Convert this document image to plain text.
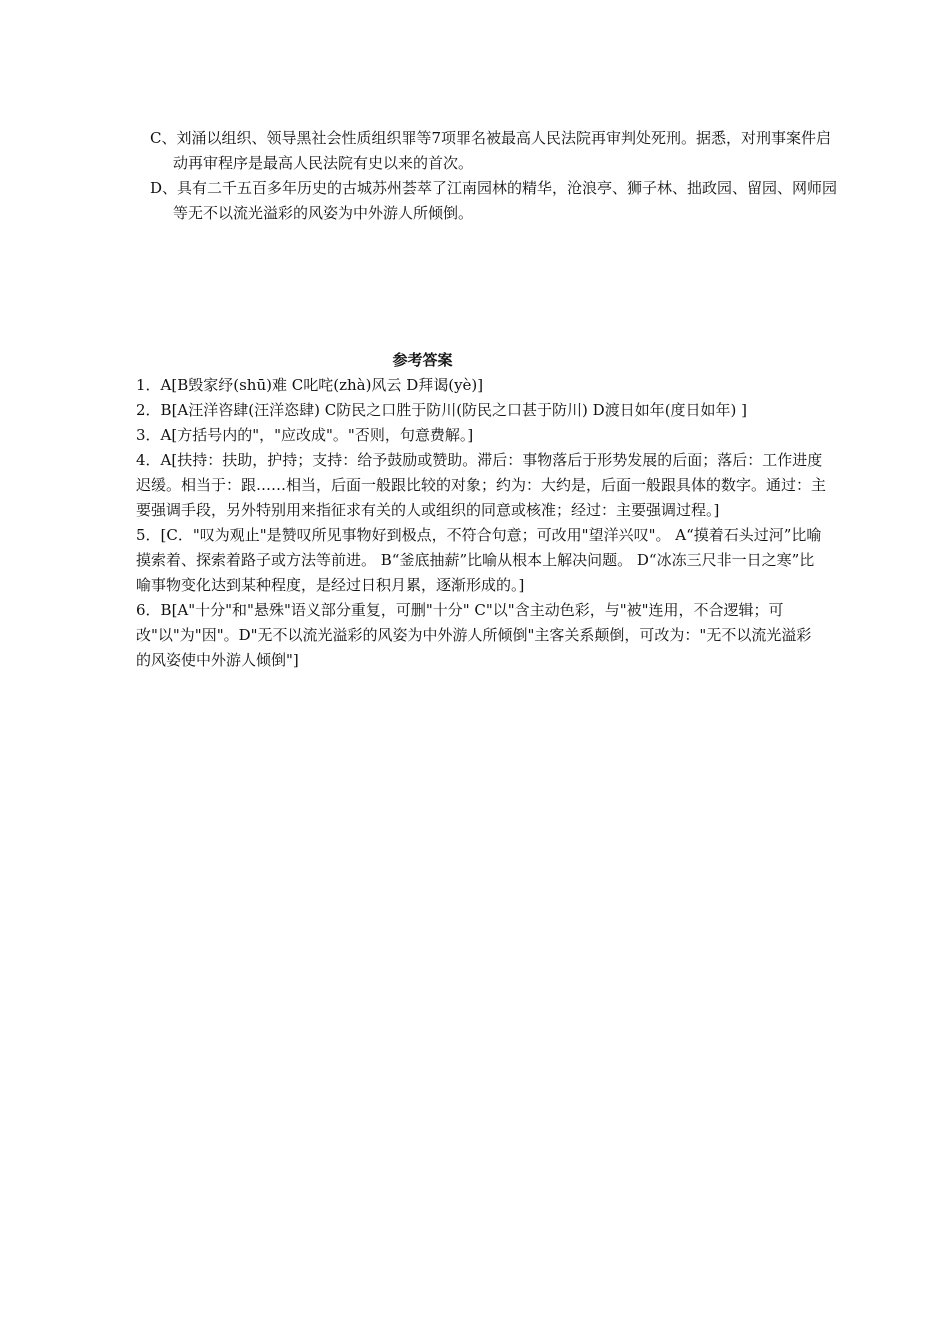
C、刘涌以组织、领导黑社会性质组织罪等7项罪名被最高人民法院再审判处死刑。据悉，对刑事案件启动再审程序是最高人民法院有史以来的首次。

D、具有二千五百多年历史的古城苏州荟萃了江南园林的精华，沧浪亭、狮子林、拙政园、留园、网师园等无不以流光溢彩的风姿为中外游人所倾倒。

参考答案

1．A[B毁家纾(shū)难 C叱咤(zhà)风云 D拜谒(yè)]

2．B[A汪洋咨肆(汪洋恣肆) C防民之口胜于防川(防民之口甚于防川) D渡日如年(度日如年) ]

3．A[方括号内的"，"应改成"。"否则，句意费解。]

4．A[扶持：扶助，护持；支持：给予鼓励或赞助。滞后：事物落后于形势发展的后面；落后：工作进度迟缓。相当于：跟……相当，后面一般跟比较的对象；约为：大约是，后面一般跟具体的数字。通过：主要强调手段，另外特别用来指征求有关的人或组织的同意或核准；经过：主要强调过程。]

5．[C．"叹为观止"是赞叹所见事物好到极点，不符合句意；可改用"望洋兴叹"。 A“摸着石头过河”比喻摸索着、探索着路子或方法等前进。 B“釜底抽薪”比喻从根本上解决问题。 D“冰冻三尺非一日之寒”比喻事物变化达到某种程度，是经过日积月累，逐渐形成的。]

6．B[A"十分"和"悬殊"语义部分重复，可删"十分" C"以"含主动色彩，与"被"连用，不合逻辑；可改"以"为"因"。D"无不以流光溢彩的风姿为中外游人所倾倒"主客关系颠倒，可改为："无不以流光溢彩的风姿使中外游人倾倒"]
